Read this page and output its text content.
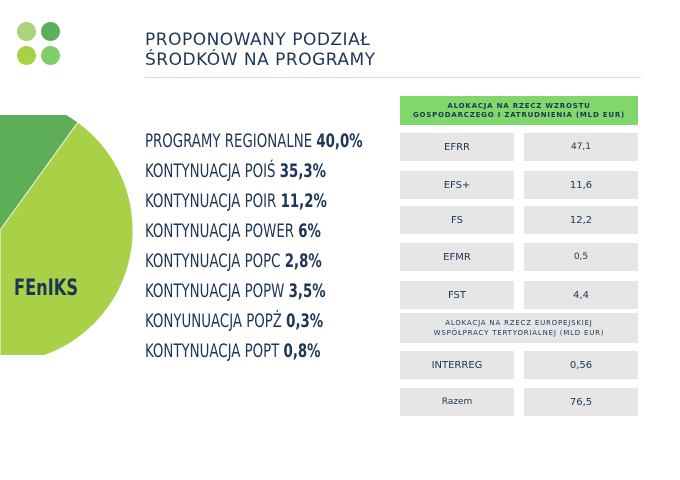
PROPONOWANY PODZIAŁ
ŚRODKÓW NA PROGRAMY
FEnIKS
PROGRAMY REGIONALNE 40,0%
KONTYNUACJA POIŚ 35,3%
KONTYNUACJA POIR 11,2%
KONTYNUACJA POWER 6%
KONTYNUACJA POPC 2,8%
KONTYNUACJA POPW 3,5%
KONYUNUACJA POPŻ 0,3%
KONTYNUACJA POPT 0,8%
ALOKACJA NA RZECZ WZROSTU
GOSPODARCZEGO I ZATRUDNIENIA (MLD EUR)
EFRR	47,1
EFS+	11,6
FS	12,2
EFMR	0,5
FST	4,4
ALOKACJA NA RZECZ EUROPEJSKIEJ
WSPÓŁPRACY TERTYORIALNEJ (MLD EUR)
INTERREG	0,56
Razem	76,5
